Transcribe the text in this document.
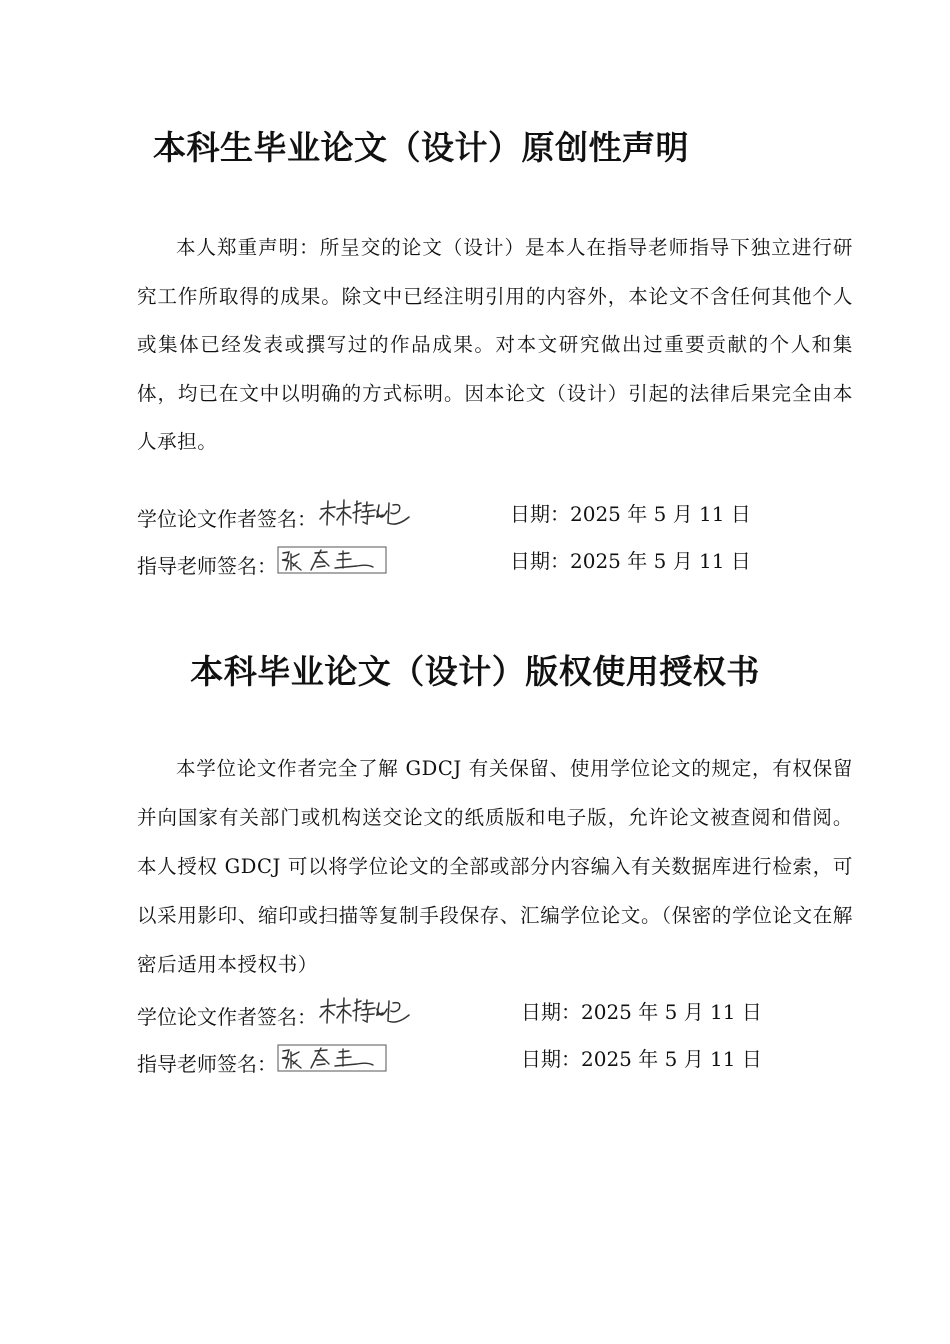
本科生毕业论文（设计）原创性声明

本人郑重声明：所呈交的论文（设计）是本人在指导老师指导下独立进行研究工作所取得的成果。除文中已经注明引用的内容外，本论文不含任何其他个人或集体已经发表或撰写过的作品成果。对本文研究做出过重要贡献的个人和集体，均已在文中以明确的方式标明。因本论文（设计）引起的法律后果完全由本人承担。

学位论文作者签名：	日期：2025 年 5 月 11 日
指导老师签名：	日期：2025 年 5 月 11 日
本科毕业论文（设计）版权使用授权书

本学位论文作者完全了解 GDCJ 有关保留、使用学位论文的规定，有权保留并向国家有关部门或机构送交论文的纸质版和电子版，允许论文被查阅和借阅。本人授权 GDCJ 可以将学位论文的全部或部分内容编入有关数据库进行检索，可以采用影印、缩印或扫描等复制手段保存、汇编学位论文。（保密的学位论文在解密后适用本授权书）

学位论文作者签名：	日期：2025 年 5 月 11 日
指导老师签名：	日期：2025 年 5 月 11 日
